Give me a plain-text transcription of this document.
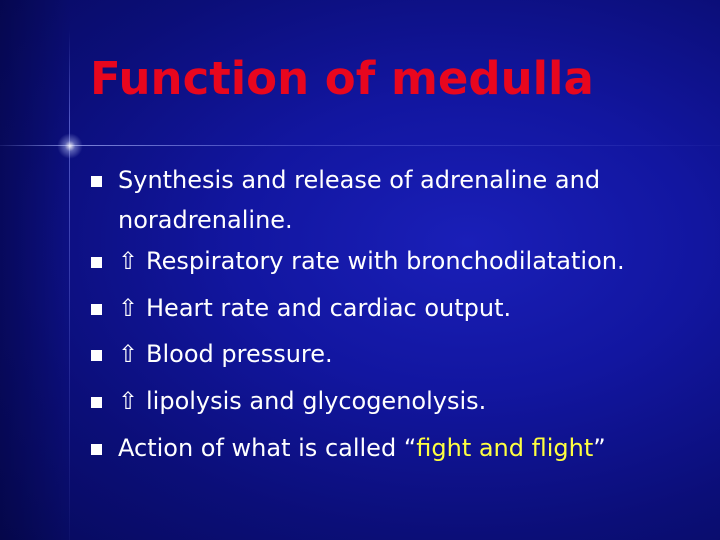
Function of medulla
Synthesis and release of adrenaline and
noradrenaline.
⇧ Respiratory rate with bronchodilatation.
⇧ Heart rate and cardiac output.
⇧ Blood pressure.
⇧ lipolysis and glycogenolysis.
Action of what is called “fight and flight”
